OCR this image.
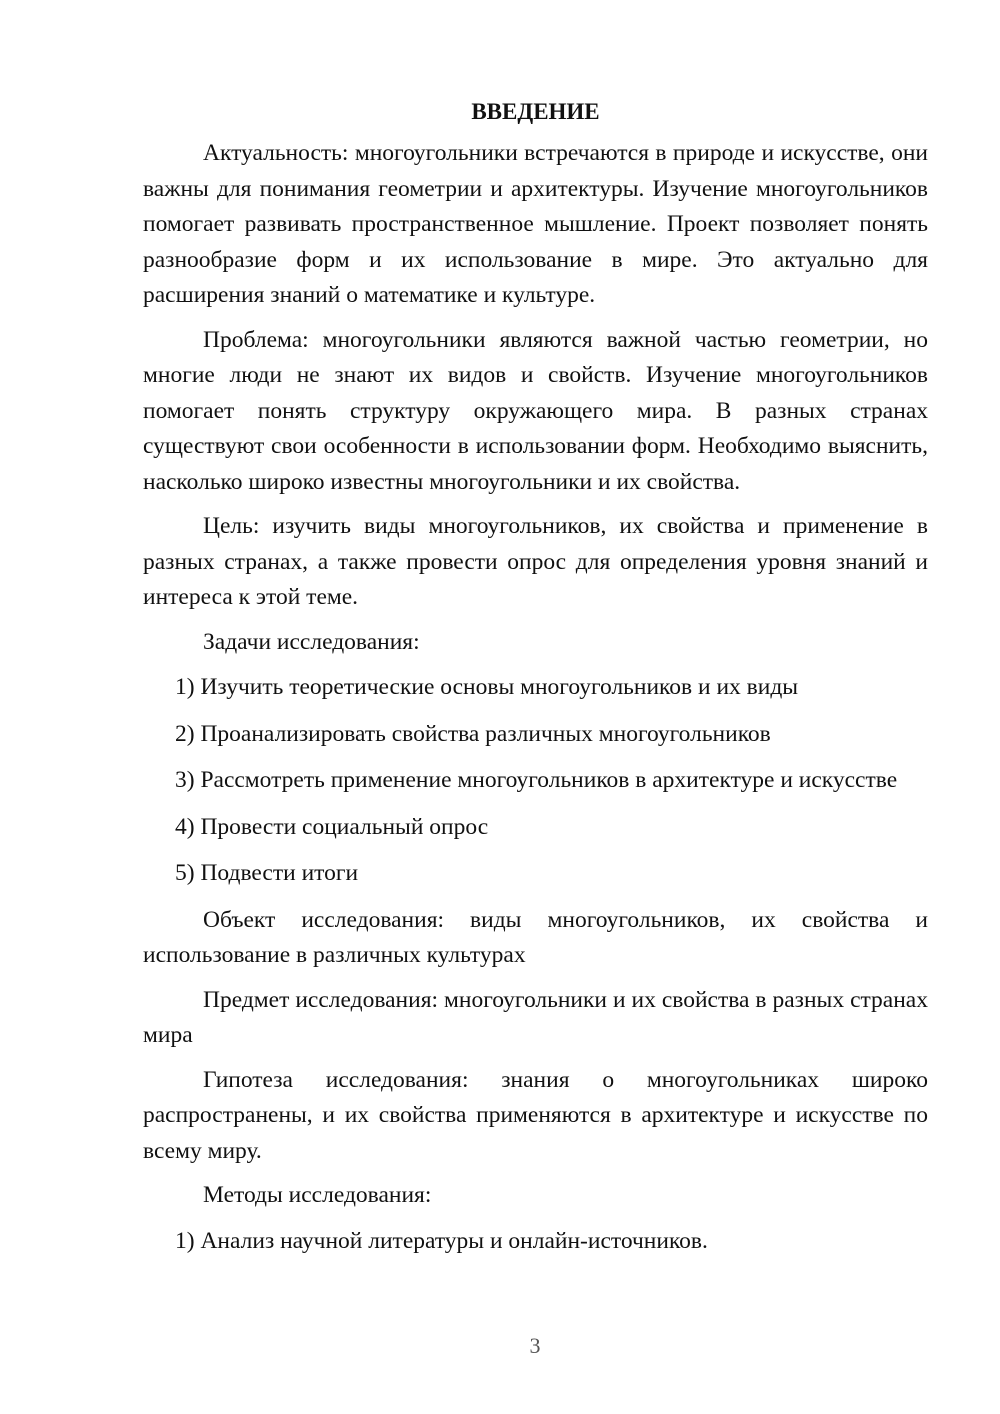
ВВЕДЕНИЕ

Актуальность: многоугольники встречаются в природе и искусстве, они важны для понимания геометрии и архитектуры. Изучение многоугольников помогает развивать пространственное мышление. Проект позволяет понять разнообразие форм и их использование в мире. Это актуально для расширения знаний о математике и культуре.

Проблема: многоугольники являются важной частью геометрии, но многие люди не знают их видов и свойств. Изучение многоугольников помогает понять структуру окружающего мира. В разных странах существуют свои особенности в использовании форм. Необходимо выяснить, насколько широко известны многоугольники и их свойства.

Цель: изучить виды многоугольников, их свойства и применение в разных странах, а также провести опрос для определения уровня знаний и интереса к этой теме.

Задачи исследования:

1) Изучить теоретические основы многоугольников и их виды

2) Проанализировать свойства различных многоугольников

3) Рассмотреть применение многоугольников в архитектуре и искусстве

4) Провести социальный опрос

5) Подвести итоги

Объект исследования: виды многоугольников, их свойства и использование в различных культурах

Предмет исследования: многоугольники и их свойства в разных странах мира

Гипотеза исследования: знания о многоугольниках широко распространены, и их свойства применяются в архитектуре и искусстве по всему миру.

Методы исследования:

1) Анализ научной литературы и онлайн-источников.

3
